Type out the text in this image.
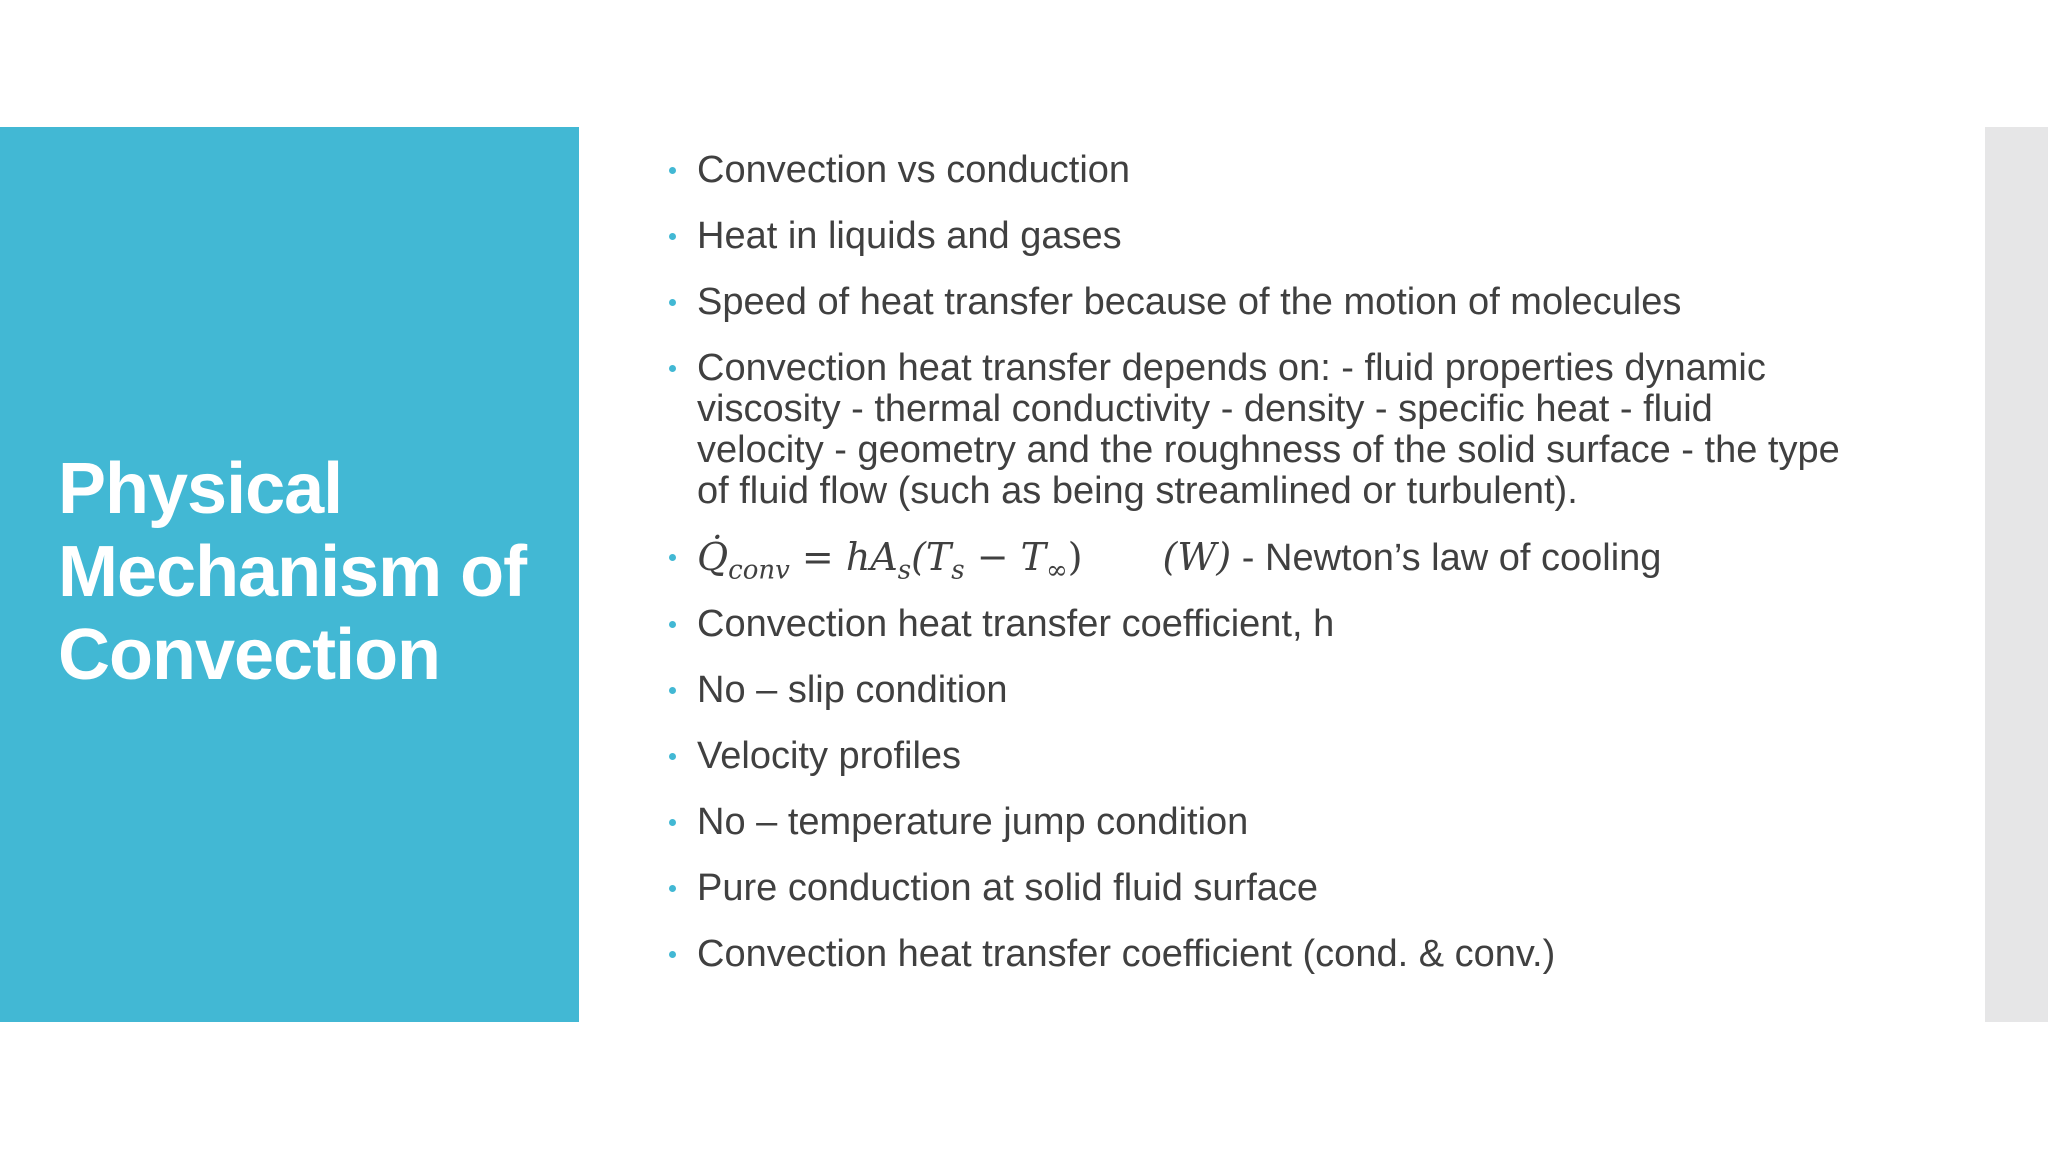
Physical Mechanism of Convection
Convection vs conduction
Heat in liquids and gases
Speed of heat transfer because of the motion of molecules
Convection heat transfer depends on: - fluid properties dynamic viscosity - thermal conductivity - density - specific heat - fluid velocity - geometry and the roughness of the solid surface - the type of fluid flow (such as being streamlined or turbulent).
$Q̇_{conv} = hA_s(T_s - T_\infty)$ (W) - Newton’s law of cooling
Convection heat transfer coefficient, h
No – slip condition
Velocity profiles
No – temperature jump condition
Pure conduction at solid fluid surface
Convection heat transfer coefficient (cond. & conv.)
